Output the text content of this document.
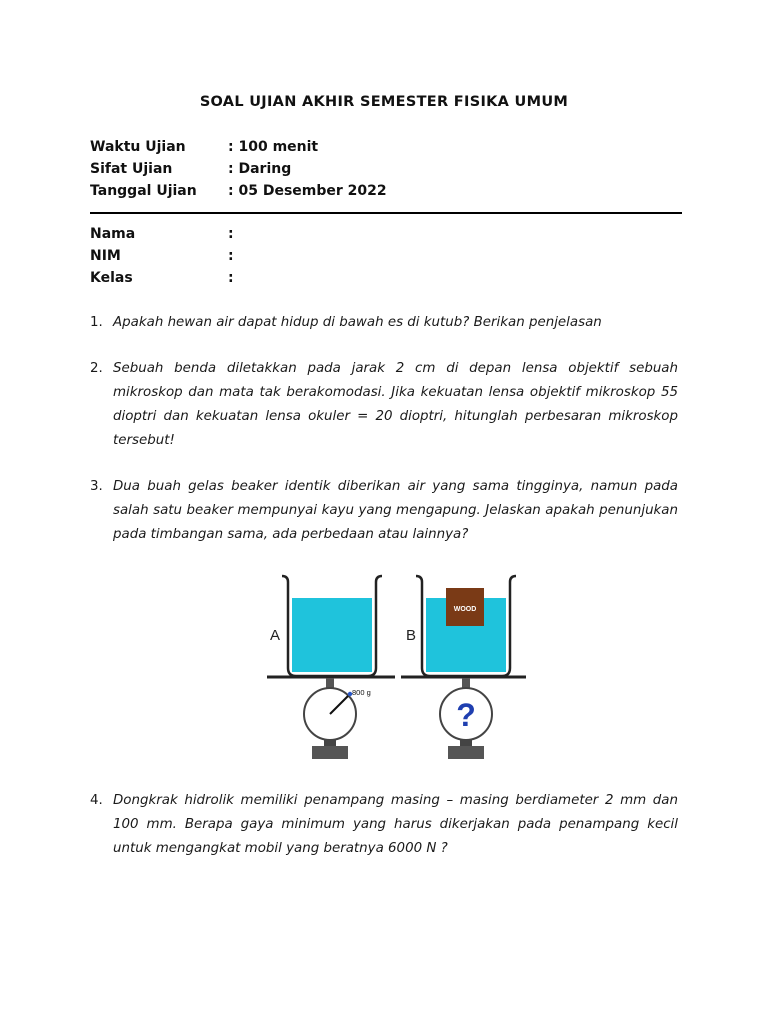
SOAL UJIAN AKHIR SEMESTER FISIKA UMUM
Waktu Ujian	: 100 menit
Sifat Ujian	: Daring
Tanggal Ujian	: 05 Desember 2022
Nama	:
NIM	:
Kelas	:
1. Apakah hewan air dapat hidup di bawah es di kutub? Berikan penjelasan
2. Sebuah benda diletakkan pada jarak 2 cm di depan lensa objektif sebuah mikroskop dan mata tak berakomodasi. Jika kekuatan lensa objektif mikroskop 55 dioptri dan kekuatan lensa okuler = 20 dioptri, hitunglah perbesaran mikroskop tersebut!
3. Dua buah gelas beaker identik diberikan air yang sama tingginya, namun pada salah satu beaker mempunyai kayu yang mengapung. Jelaskan apakah penunjukan pada timbangan sama, ada perbedaan atau lainnya?
800 g
A
WOOD
?
B
4. Dongkrak hidrolik memiliki penampang masing – masing berdiameter 2 mm dan 100 mm. Berapa gaya minimum yang harus dikerjakan pada penampang kecil untuk mengangkat mobil yang beratnya 6000 N ?
